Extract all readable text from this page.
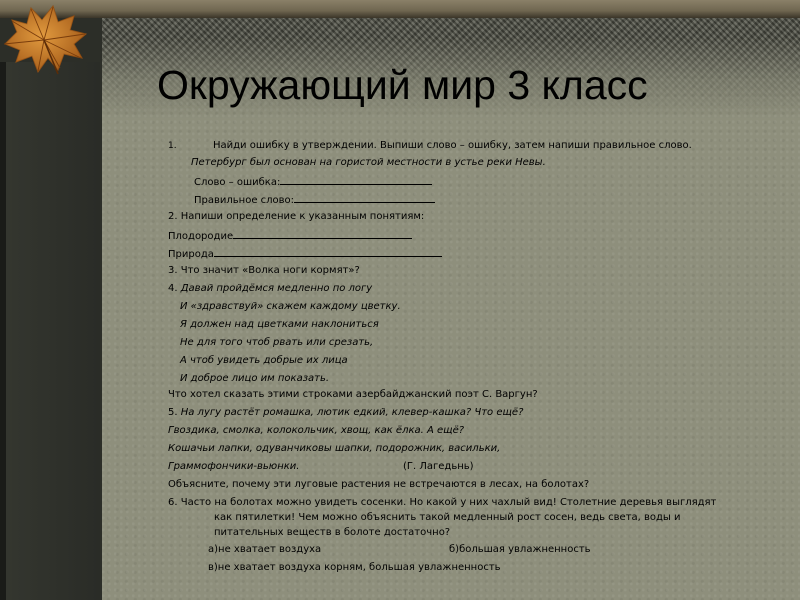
Окружающий мир 3 класс
1.	Найди ошибку в утверждении. Выпиши слово – ошибку, затем напиши правильное слово.
Петербург был основан на гористой местности в устье реки Невы.
Слово – ошибка:
Правильное слово:
2. Напиши определение к указанным понятиям:
Плодородие
Природа
3. Что значит «Волка ноги кормят»?
4. Давай пройдёмся медленно по логу
И «здравствуй» скажем каждому цветку.
Я должен над цветками наклониться
Не для того чтоб рвать или срезать,
А чтоб увидеть добрые их лица
И доброе лицо им показать.
Что хотел сказать этими строками азербайджанский поэт С. Варгун?
5. На лугу растёт ромашка, лютик едкий, клевер-кашка? Что ещё?
Гвоздика, смолка, колокольчик, хвощ, как ёлка. А ещё?
Кошачьи лапки, одуванчиковы шапки, подорожник, васильки,
Граммофончики-вьюнки.	(Г. Лагедьнь)
Объясните, почему эти луговые растения не встречаются в лесах, на болотах?
6. Часто на болотах можно увидеть сосенки. Но какой у них чахлый вид! Столетние деревья выглядят
как пятилетки! Чем можно объяснить такой медленный рост сосен, ведь света, воды и
питательных веществ в болоте достаточно?
а)не хватает воздуха	б)большая увлажненность
в)не хватает воздуха корням, большая увлажненность
